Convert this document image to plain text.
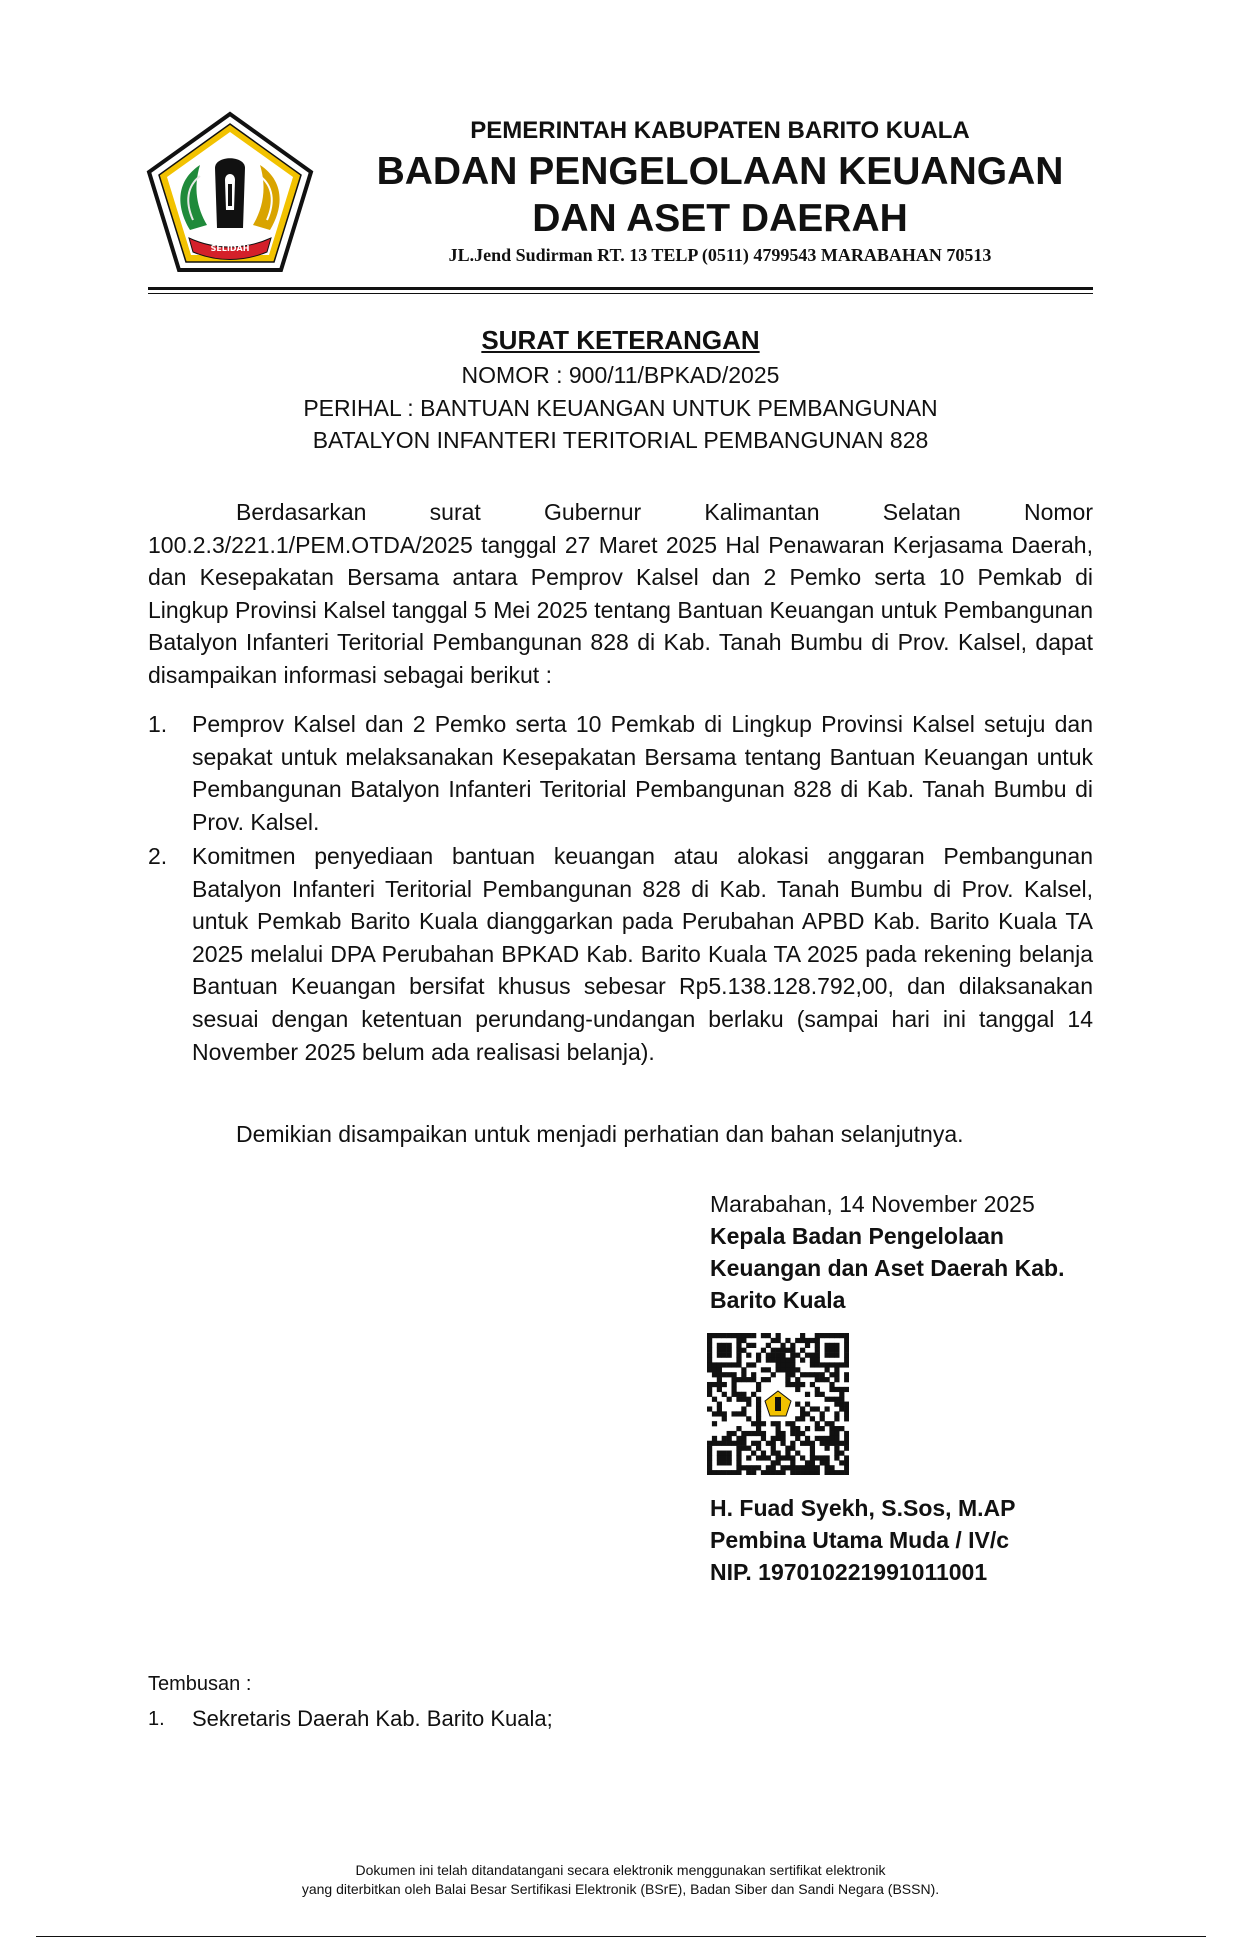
SELIDAH
PEMERINTAH KABUPATEN BARITO KUALA
BADAN PENGELOLAAN KEUANGAN
DAN ASET DAERAH
JL.Jend Sudirman RT. 13 TELP (0511) 4799543 MARABAHAN 70513
SURAT KETERANGAN
NOMOR : 900/11/BPKAD/2025
PERIHAL : BANTUAN KEUANGAN UNTUK PEMBANGUNAN
BATALYON INFANTERI TERITORIAL PEMBANGUNAN 828
Berdasarkan surat Gubernur Kalimantan Selatan Nomor 100.2.3/221.1/PEM.OTDA/2025 tanggal 27 Maret 2025 Hal Penawaran Kerjasama Daerah, dan Kesepakatan Bersama antara Pemprov Kalsel dan 2 Pemko serta 10 Pemkab di Lingkup Provinsi Kalsel tanggal 5 Mei 2025 tentang Bantuan Keuangan untuk Pembangunan Batalyon Infanteri Teritorial Pembangunan 828 di Kab. Tanah Bumbu di Prov. Kalsel, dapat disampaikan informasi sebagai berikut :
1. Pemprov Kalsel dan 2 Pemko serta 10 Pemkab di Lingkup Provinsi Kalsel setuju dan sepakat untuk melaksanakan Kesepakatan Bersama tentang Bantuan Keuangan untuk Pembangunan Batalyon Infanteri Teritorial Pembangunan 828 di Kab. Tanah Bumbu di Prov. Kalsel.
2. Komitmen penyediaan bantuan keuangan atau alokasi anggaran Pembangunan Batalyon Infanteri Teritorial Pembangunan 828 di Kab. Tanah Bumbu di Prov. Kalsel, untuk Pemkab Barito Kuala dianggarkan pada Perubahan APBD Kab. Barito Kuala TA 2025 melalui DPA Perubahan BPKAD Kab. Barito Kuala TA 2025 pada rekening belanja Bantuan Keuangan bersifat khusus sebesar Rp5.138.128.792,00, dan dilaksanakan sesuai dengan ketentuan perundang-undangan berlaku (sampai hari ini tanggal 14 November 2025 belum ada realisasi belanja).
Demikian disampaikan untuk menjadi perhatian dan bahan selanjutnya.
Marabahan, 14 November 2025
Kepala Badan Pengelolaan
Keuangan dan Aset Daerah Kab.
Barito Kuala
H. Fuad Syekh, S.Sos, M.AP
Pembina Utama Muda / IV/c
NIP. 197010221991011001
Tembusan :
1. Sekretaris Daerah Kab. Barito Kuala;
Dokumen ini telah ditandatangani secara elektronik menggunakan sertifikat elektronik
yang diterbitkan oleh Balai Besar Sertifikasi Elektronik (BSrE), Badan Siber dan Sandi Negara (BSSN).
